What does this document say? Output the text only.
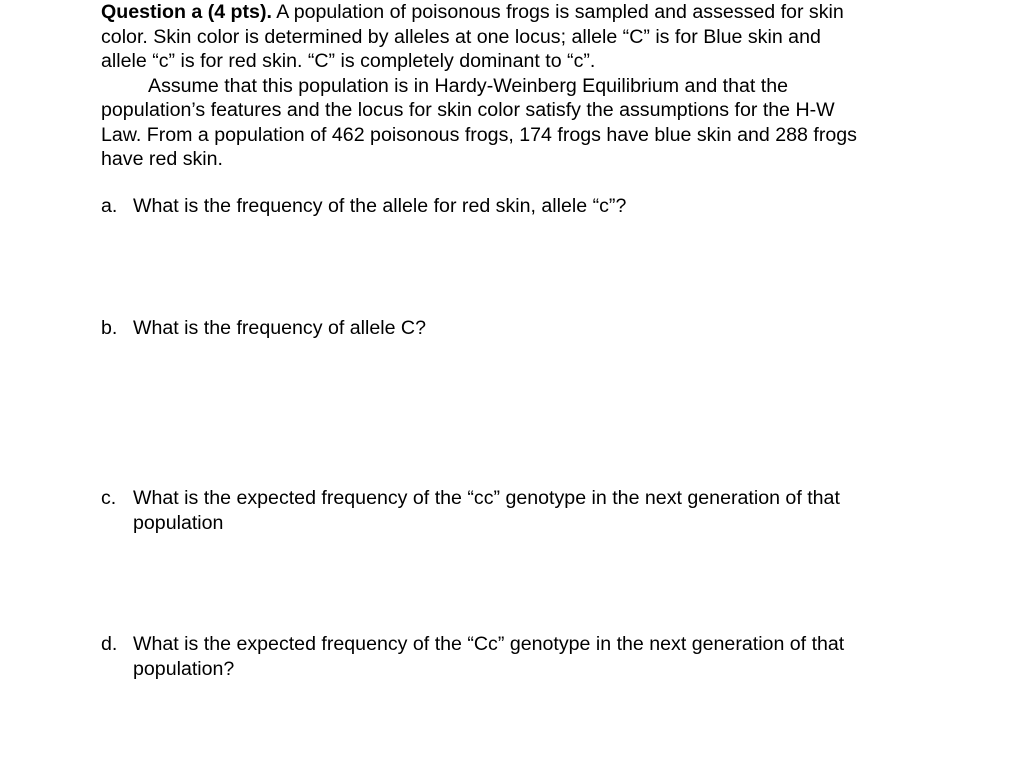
Question a (4 pts). A population of poisonous frogs is sampled and assessed for skin
color. Skin color is determined by alleles at one locus; allele “C” is for Blue skin and
allele “c” is for red skin. “C” is completely dominant to “c”.

Assume that this population is in Hardy-Weinberg Equilibrium and that the
population’s features and the locus for skin color satisfy the assumptions for the H-W
Law. From a population of 462 poisonous frogs, 174 frogs have blue skin and 288 frogs
have red skin.

a. What is the frequency of the allele for red skin, allele “c”?
b. What is the frequency of allele C?
c. What is the expected frequency of the “cc” genotype in the next generation of that
population
d. What is the expected frequency of the “Cc” genotype in the next generation of that
population?
